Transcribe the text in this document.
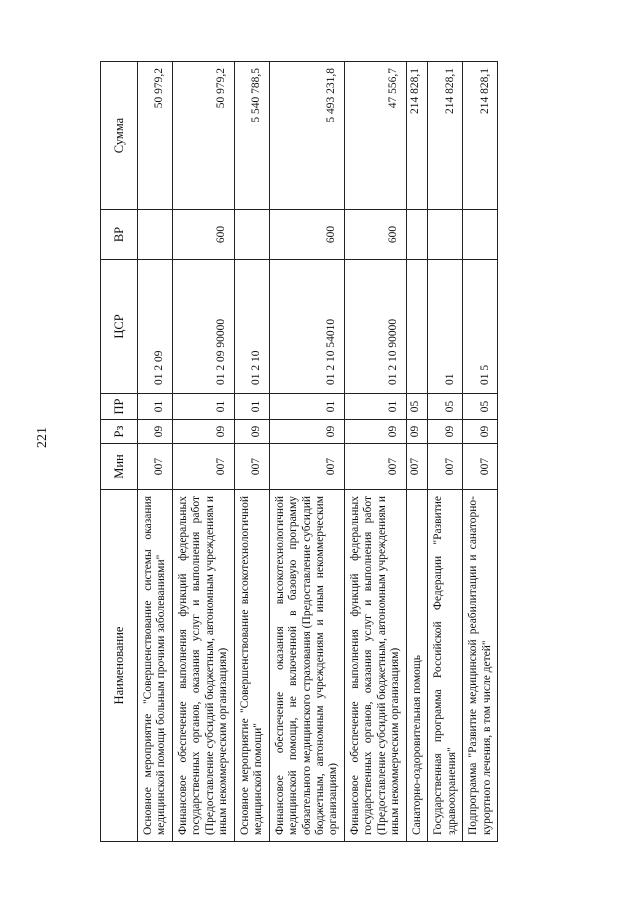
221
Наименование	Мин	Рз	ПР	ЦСР	ВР	Сумма
Основное мероприятие "Совершенствование системы оказания медицинской помощи больным прочими заболеваниями"	007	09	01	01 2 09		50 979,2
Финансовое обеспечение выполнения функций федеральных государственных органов, оказания услуг и выполнения работ (Предоставление субсидий бюджетным, автономным учреждениям и иным некоммерческим организациям)	007	09	01	01 2 09 90000	600	50 979,2
Основное мероприятие "Совершенствование высокотехнологичной медицинской помощи"	007	09	01	01 2 10		5 540 788,5
Финансовое обеспечение оказания высокотехнологичной медицинской помощи, не включенной в базовую программу обязательного медицинского страхования (Предоставление субсидий бюджетным, автономным учреждениям и иным некоммерческим организациям)	007	09	01	01 2 10 54010	600	5 493 231,8
Финансовое обеспечение выполнения функций федеральных государственных органов, оказания услуг и выполнения работ (Предоставление субсидий бюджетным, автономным учреждениям и иным некоммерческим организациям)	007	09	01	01 2 10 90000	600	47 556,7
Санаторно-оздоровительная помощь	007	09	05			214 828,1
Государственная программа Российской Федерации "Развитие здравоохранения"	007	09	05	01		214 828,1
Подпрограмма "Развитие медицинской реабилитации и санаторно-курортного лечения, в том числе детей"	007	09	05	01 5		214 828,1
